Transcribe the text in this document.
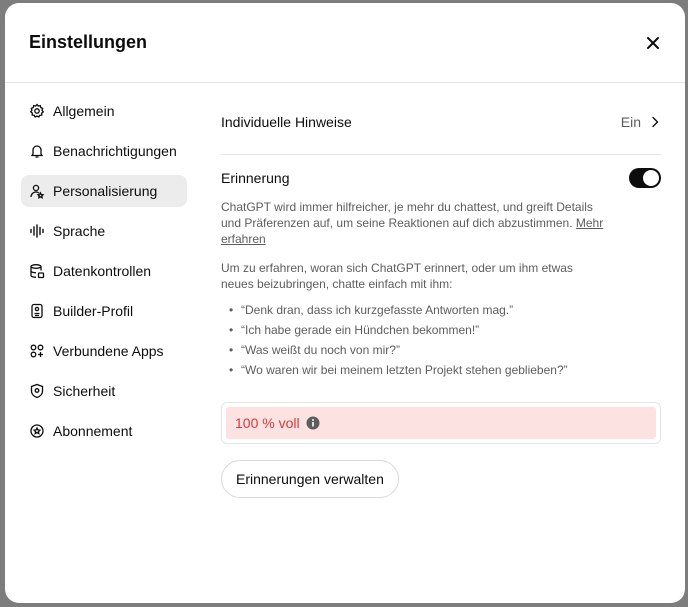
Einstellungen
Allgemein
Benachrichtigungen
Personalisierung
Sprache
Datenkontrollen
Builder-Profil
Verbundene Apps
Sicherheit
Abonnement
Individuelle Hinweise	Ein
Erinnerung

ChatGPT wird immer hilfreicher, je mehr du chattest, und greift Details und Präferenzen auf, um seine Reaktionen auf dich abzustimmen. Mehr erfahren

Um zu erfahren, woran sich ChatGPT erinnert, oder um ihm etwas neues beizubringen, chatte einfach mit ihm:

• “Denk dran, dass ich kurzgefasste Antworten mag.”
• “Ich habe gerade ein Hündchen bekommen!”
• “Was weißt du noch von mir?”
• “Wo waren wir bei meinem letzten Projekt stehen geblieben?”
100 % voll
Erinnerungen verwalten
